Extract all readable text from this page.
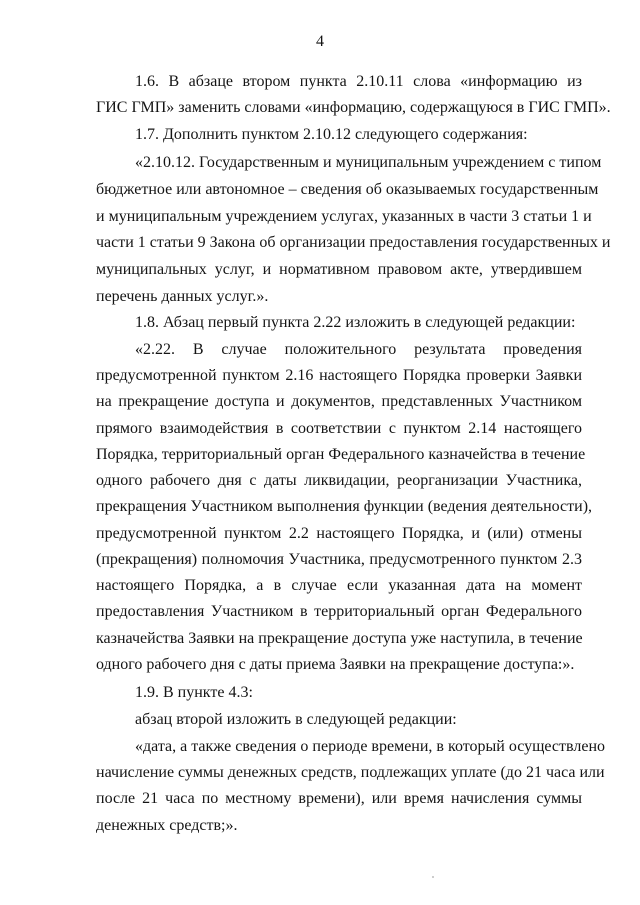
4
1.6. В абзаце втором пункта 2.10.11 слова «информацию из
ГИС ГМП» заменить словами «информацию, содержащуюся в ГИС ГМП».
1.7. Дополнить пунктом 2.10.12 следующего содержания:
«2.10.12. Государственным и муниципальным учреждением с типом
бюджетное или автономное – сведения об оказываемых государственным
и муниципальным учреждением услугах, указанных в части 3 статьи 1 и
части 1 статьи 9 Закона об организации предоставления государственных и
муниципальных услуг, и нормативном правовом акте, утвердившем
перечень данных услуг.».
1.8. Абзац первый пункта 2.22 изложить в следующей редакции:
«2.22. В случае положительного результата проведения
предусмотренной пунктом 2.16 настоящего Порядка проверки Заявки
на прекращение доступа и документов, представленных Участником
прямого взаимодействия в соответствии с пунктом 2.14 настоящего
Порядка, территориальный орган Федерального казначейства в течение
одного рабочего дня с даты ликвидации, реорганизации Участника,
прекращения Участником выполнения функции (ведения деятельности),
предусмотренной пунктом 2.2 настоящего Порядка, и (или) отмены
(прекращения) полномочия Участника, предусмотренного пунктом 2.3
настоящего Порядка, а в случае если указанная дата на момент
предоставления Участником в территориальный орган Федерального
казначейства Заявки на прекращение доступа уже наступила, в течение
одного рабочего дня с даты приема Заявки на прекращение доступа:».
1.9. В пункте 4.3:
абзац второй изложить в следующей редакции:
«дата, а также сведения о периоде времени, в который осуществлено
начисление суммы денежных средств, подлежащих уплате (до 21 часа или
после 21 часа по местному времени), или время начисления суммы
денежных средств;».
